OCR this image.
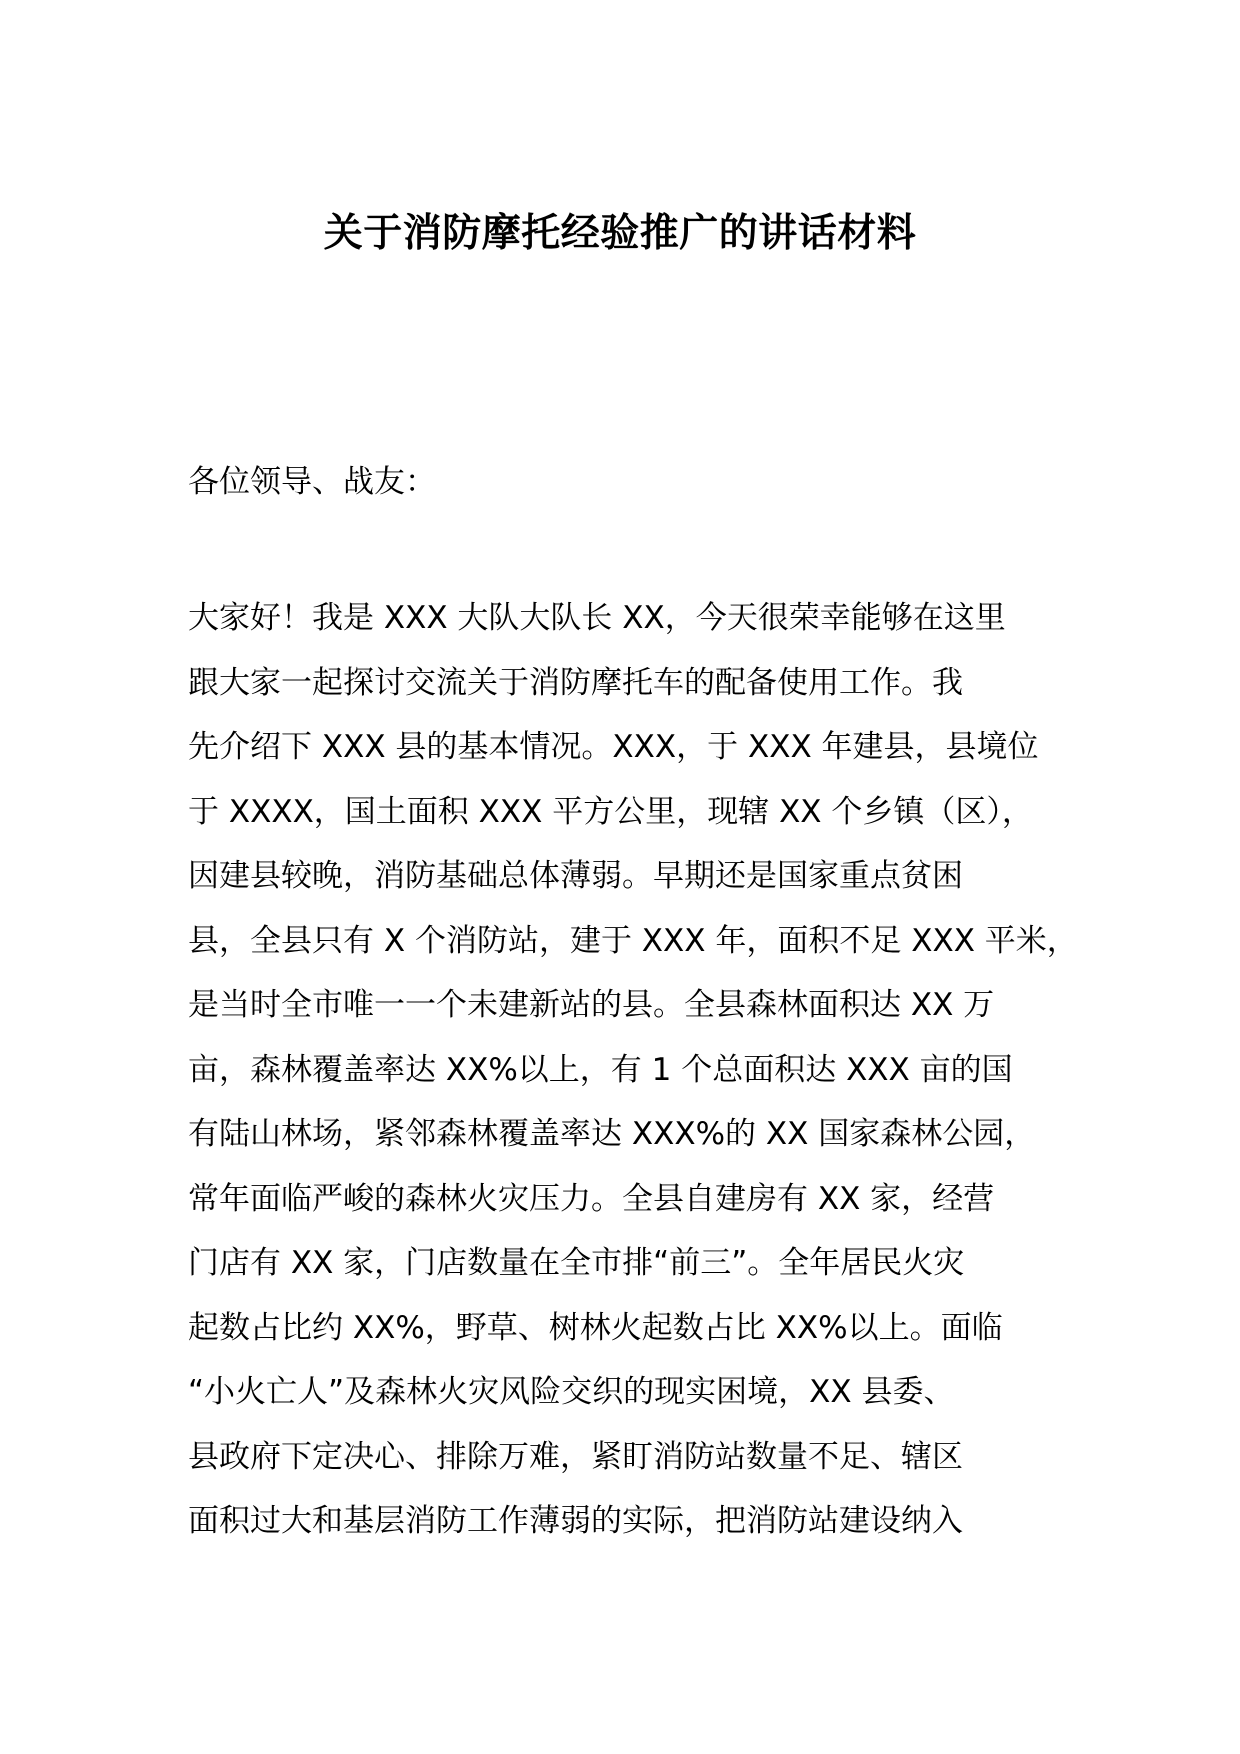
关于消防摩托经验推广的讲话材料

各位领导、战友：

大家好！我是 XXX 大队大队长 XX，今天很荣幸能够在这里
跟大家一起探讨交流关于消防摩托车的配备使用工作。我
先介绍下 XXX 县的基本情况。XXX，于 XXX 年建县，县境位
于 XXXX，国土面积 XXX 平方公里，现辖 XX 个乡镇（区），
因建县较晚，消防基础总体薄弱。早期还是国家重点贫困
县，全县只有 X 个消防站，建于 XXX 年，面积不足 XXX 平米，
是当时全市唯一一个未建新站的县。全县森林面积达 XX 万
亩，森林覆盖率达 XX%以上，有 1 个总面积达 XXX 亩的国
有陆山林场，紧邻森林覆盖率达 XXX%的 XX 国家森林公园，
常年面临严峻的森林火灾压力。全县自建房有 XX 家，经营
门店有 XX 家，门店数量在全市排“前三”。全年居民火灾
起数占比约 XX%，野草、树林火起数占比 XX%以上。面临
“小火亡人”及森林火灾风险交织的现实困境，XX 县委、
县政府下定决心、排除万难，紧盯消防站数量不足、辖区
面积过大和基层消防工作薄弱的实际，把消防站建设纳入
